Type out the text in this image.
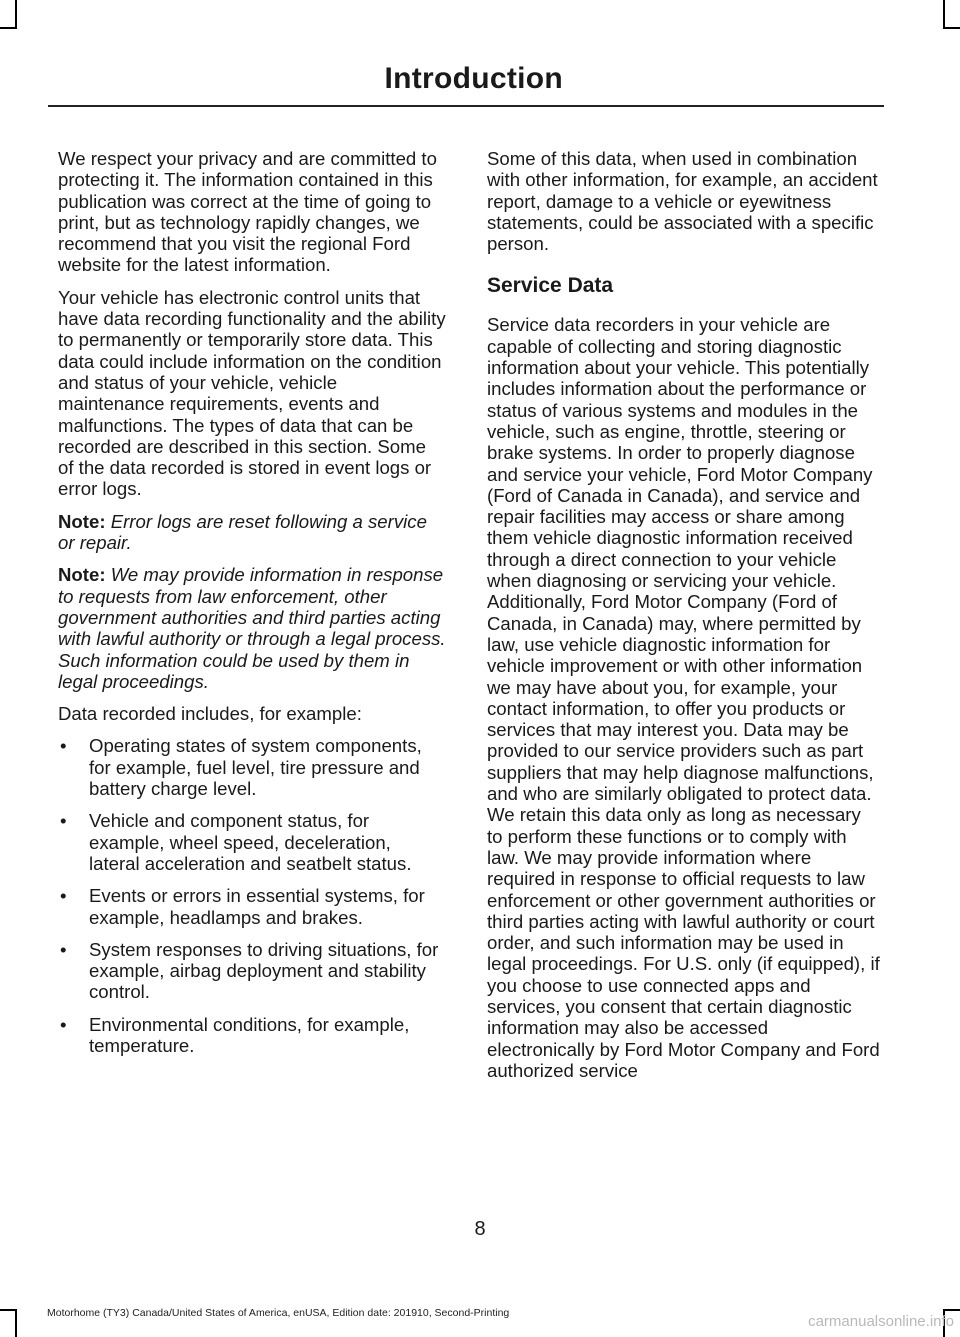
Introduction

We respect your privacy and are committed to protecting it. The information contained in this publication was correct at the time of going to print, but as technology rapidly changes, we recommend that you visit the regional Ford website for the latest information.

Your vehicle has electronic control units that have data recording functionality and the ability to permanently or temporarily store data. This data could include information on the condition and status of your vehicle, vehicle maintenance requirements, events and malfunctions. The types of data that can be recorded are described in this section. Some of the data recorded is stored in event logs or error logs.

Note: Error logs are reset following a service or repair.

Note: We may provide information in response to requests from law enforcement, other government authorities and third parties acting with lawful authority or through a legal process. Such information could be used by them in legal proceedings.

Data recorded includes, for example:

• Operating states of system components, for example, fuel level, tire pressure and battery charge level.
• Vehicle and component status, for example, wheel speed, deceleration, lateral acceleration and seatbelt status.
• Events or errors in essential systems, for example, headlamps and brakes.
• System responses to driving situations, for example, airbag deployment and stability control.
• Environmental conditions, for example, temperature.

Some of this data, when used in combination with other information, for example, an accident report, damage to a vehicle or eyewitness statements, could be associated with a specific person.

Service Data

Service data recorders in your vehicle are capable of collecting and storing diagnostic information about your vehicle. This potentially includes information about the performance or status of various systems and modules in the vehicle, such as engine, throttle, steering or brake systems. In order to properly diagnose and service your vehicle, Ford Motor Company (Ford of Canada in Canada), and service and repair facilities may access or share among them vehicle diagnostic information received through a direct connection to your vehicle when diagnosing or servicing your vehicle. Additionally, Ford Motor Company (Ford of Canada, in Canada) may, where permitted by law, use vehicle diagnostic information for vehicle improvement or with other information we may have about you, for example, your contact information, to offer you products or services that may interest you. Data may be provided to our service providers such as part suppliers that may help diagnose malfunctions, and who are similarly obligated to protect data. We retain this data only as long as necessary to perform these functions or to comply with law. We may provide information where required in response to official requests to law enforcement or other government authorities or third parties acting with lawful authority or court order, and such information may be used in legal proceedings. For U.S. only (if equipped), if you choose to use connected apps and services, you consent that certain diagnostic information may also be accessed electronically by Ford Motor Company and Ford authorized service

8
Motorhome (TY3) Canada/United States of America, enUSA, Edition date: 201910, Second-Printing	carmanualsonline.info
